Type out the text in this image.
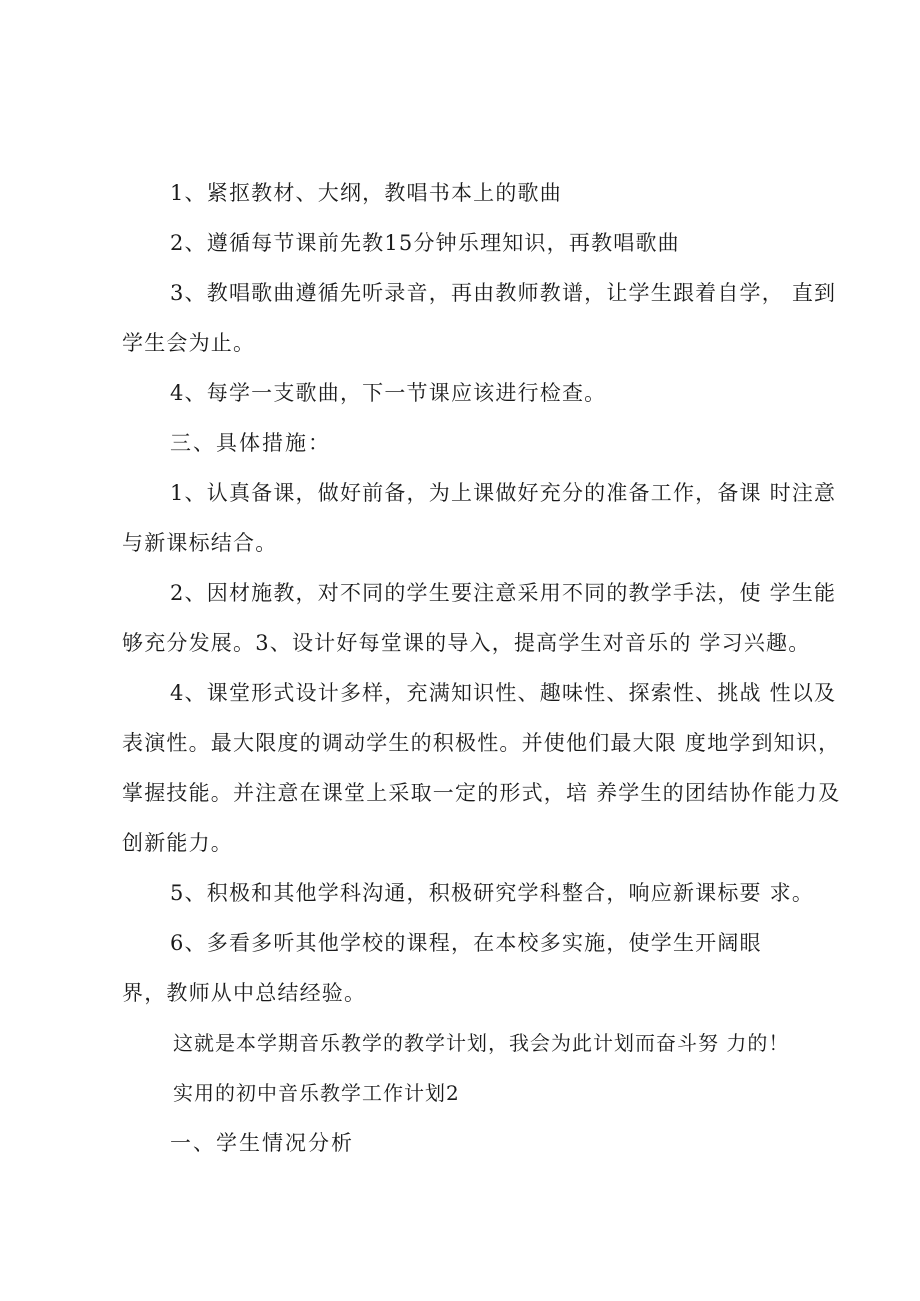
1、紧抠教材、大纲，教唱书本上的歌曲
2、遵循每节课前先教15分钟乐理知识，再教唱歌曲
3、教唱歌曲遵循先听录音，再由教师教谱，让学生跟着自学， 直到
学生会为止。
4、每学一支歌曲，下一节课应该进行检查。
三、具体措施：
1、认真备课，做好前备，为上课做好充分的准备工作，备课 时注意
与新课标结合。
2、因材施教，对不同的学生要注意采用不同的教学手法，使 学生能
够充分发展。3、设计好每堂课的导入，提高学生对音乐的 学习兴趣。
4、课堂形式设计多样，充满知识性、趣味性、探索性、挑战 性以及
表演性。最大限度的调动学生的积极性。并使他们最大限 度地学到知识，
掌握技能。并注意在课堂上采取一定的形式，培 养学生的团结协作能力及
创新能力。
5、积极和其他学科沟通，积极研究学科整合，响应新课标要 求。
6、多看多听其他学校的课程，在本校多实施，使学生开阔眼
界，教师从中总结经验。
这就是本学期音乐教学的教学计划，我会为此计划而奋斗努 力的！
实用的初中音乐教学工作计划2
一、学生情况分析
